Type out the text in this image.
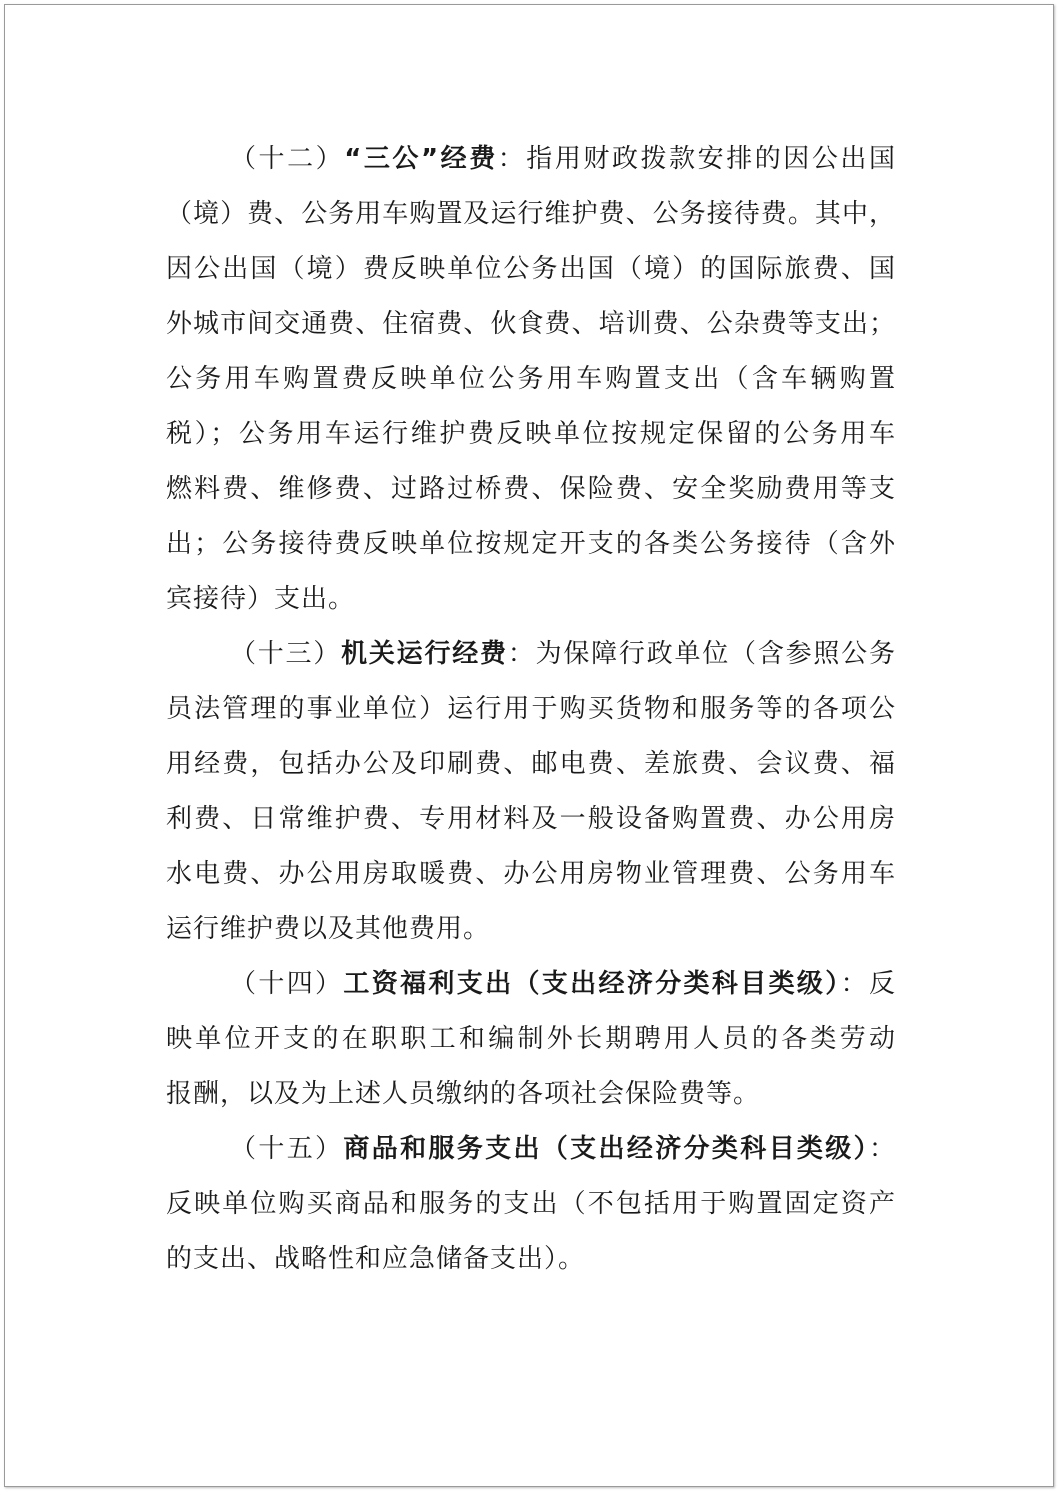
（十二）“三公”经费：指用财政拨款安排的因公出国
（境）费、公务用车购置及运行维护费、公务接待费。其中，
因公出国（境）费反映单位公务出国（境）的国际旅费、国
外城市间交通费、住宿费、伙食费、培训费、公杂费等支出；
公务用车购置费反映单位公务用车购置支出（含车辆购置
税）；公务用车运行维护费反映单位按规定保留的公务用车
燃料费、维修费、过路过桥费、保险费、安全奖励费用等支
出；公务接待费反映单位按规定开支的各类公务接待（含外
宾接待）支出。
（十三）机关运行经费：为保障行政单位（含参照公务
员法管理的事业单位）运行用于购买货物和服务等的各项公
用经费，包括办公及印刷费、邮电费、差旅费、会议费、福
利费、日常维护费、专用材料及一般设备购置费、办公用房
水电费、办公用房取暖费、办公用房物业管理费、公务用车
运行维护费以及其他费用。
（十四）工资福利支出（支出经济分类科目类级）：反
映单位开支的在职职工和编制外长期聘用人员的各类劳动
报酬，以及为上述人员缴纳的各项社会保险费等。
（十五）商品和服务支出（支出经济分类科目类级）：
反映单位购买商品和服务的支出（不包括用于购置固定资产
的支出、战略性和应急储备支出）。
